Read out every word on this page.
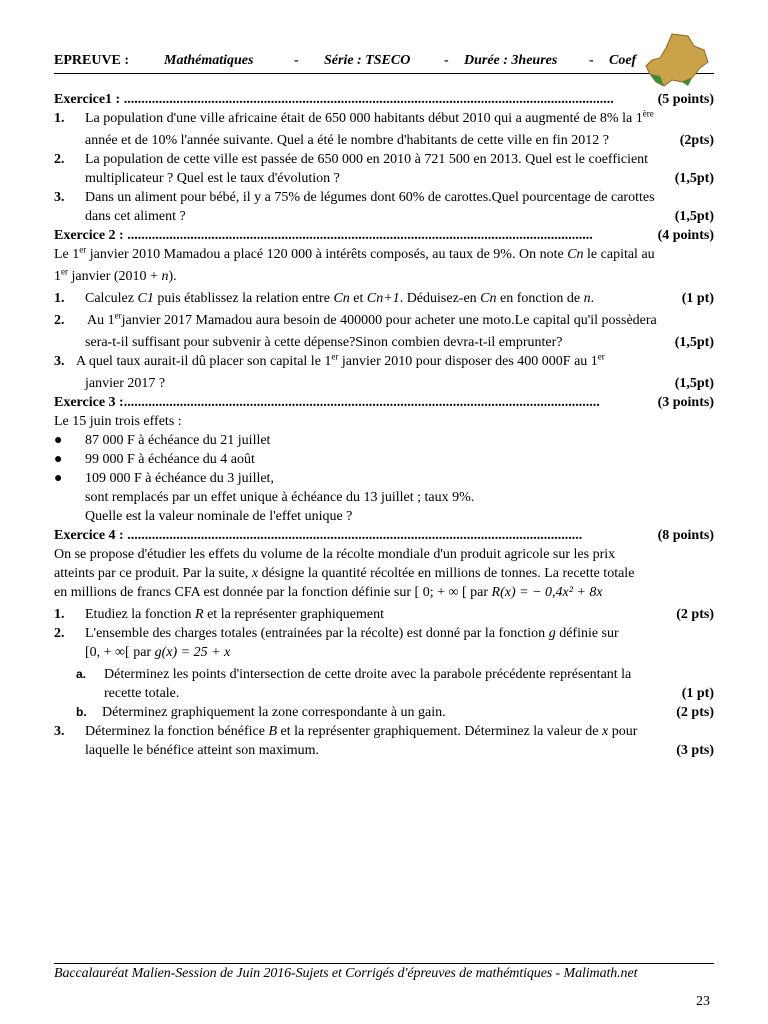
EPREUVE : Mathématiques	- Série : TSECO - Durée : 3heures - Coef
Exercice1 : ............................................................................................................................................	(5 points)
1. La population d'une ville africaine était de 650 000 habitants début 2010 qui a augmenté de 8% la 1ère
année et de 10% l'année suivante. Quel a été le nombre d'habitants de cette ville en fin 2012 ?	(2pts)
2. La population de cette ville est passée de 650 000 en 2010 à 721 500 en 2013. Quel est le coefficient
multiplicateur ? Quel est le taux d'évolution ?	(1,5pt)
3. Dans un aliment pour bébé, il y a 75% de légumes dont 60% de carottes.Quel pourcentage de carottes
dans cet aliment ?	(1,5pt)
Exercice 2 : .....................................................................................................................................	(4 points)
Le 1er janvier 2010 Mamadou a placé 120 000 à intérêts composés, au taux de 9%. On note Cn le capital au
1er janvier (2010 + n).
1. Calculez C1 puis établissez la relation entre Cn et Cn+1. Déduisez-en Cn en fonction de n.	(1 pt)
2. Au 1erjanvier 2017 Mamadou aura besoin de 400000 pour acheter une moto.Le capital qu'il possèdera
sera-t-il suffisant pour subvenir à cette dépense?Sinon combien devra-t-il emprunter?	(1,5pt)
3. A quel taux aurait-il dû placer son capital le 1er janvier 2010 pour disposer des 400 000F au 1er
janvier 2017 ?	(1,5pt)
Exercice 3 :........................................................................................................................................	(3 points)
Le 15 juin trois effets :
● 87 000 F à échéance du 21 juillet
● 99 000 F à échéance du 4 août
● 109 000 F à échéance du 3 juillet,
sont remplacés par un effet unique à échéance du 13 juillet ; taux 9%.
Quelle est la valeur nominale de l'effet unique ?
Exercice 4 : ..................................................................................................................................	(8 points)
On se propose d'étudier les effets du volume de la récolte mondiale d'un produit agricole sur les prix
atteints par ce produit. Par la suite, x désigne la quantité récoltée en millions de tonnes. La recette totale
en millions de francs CFA est donnée par la fonction définie sur [ 0; + ∞ [ par R(x) = − 0,4x² + 8x
1. Etudiez la fonction R et la représenter graphiquement	(2 pts)
2. L'ensemble des charges totales (entrainées par la récolte) est donné par la fonction g définie sur
[0, + ∞[ par g(x) = 25 + x
a. Déterminez les points d'intersection de cette droite avec la parabole précédente représentant la
recette totale.	(1 pt)
b. Déterminez graphiquement la zone correspondante à un gain.	(2 pts)
3. Déterminez la fonction bénéfice B et la représenter graphiquement. Déterminez la valeur de x pour
laquelle le bénéfice atteint son maximum.	(3 pts)
Baccalauréat Malien-Session de Juin 2016-Sujets et Corrigés d'épreuves de mathémtiques - Malimath.net
23
